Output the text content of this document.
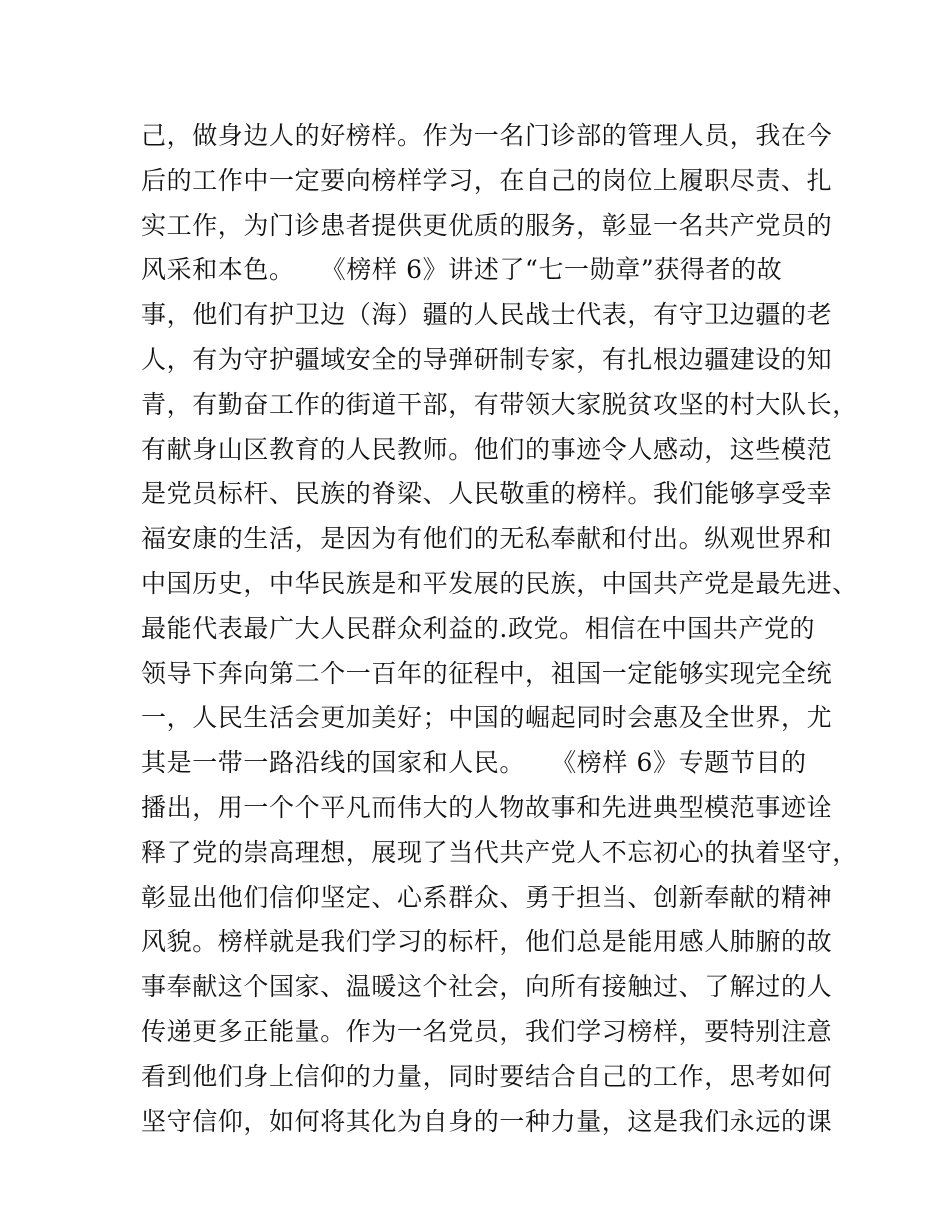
己，做身边人的好榜样。作为一名门诊部的管理人员，我在今
后的工作中一定要向榜样学习，在自己的岗位上履职尽责、扎
实工作，为门诊患者提供更优质的服务，彰显一名共产党员的
风采和本色。　　《榜样 6》讲述了“七一勋章”获得者的故
事，他们有护卫边（海）疆的人民战士代表，有守卫边疆的老
人，有为守护疆域安全的导弹研制专家，有扎根边疆建设的知
青，有勤奋工作的街道干部，有带领大家脱贫攻坚的村大队长，
有献身山区教育的人民教师。他们的事迹令人感动，这些模范
是党员标杆、民族的脊梁、人民敬重的榜样。我们能够享受幸
福安康的生活，是因为有他们的无私奉献和付出。纵观世界和
中国历史，中华民族是和平发展的民族，中国共产党是最先进、
最能代表最广大人民群众利益的.政党。相信在中国共产党的
领导下奔向第二个一百年的征程中，祖国一定能够实现完全统
一，人民生活会更加美好；中国的崛起同时会惠及全世界，尤
其是一带一路沿线的国家和人民。　　《榜样 6》专题节目的
播出，用一个个平凡而伟大的人物故事和先进典型模范事迹诠
释了党的崇高理想，展现了当代共产党人不忘初心的执着坚守，
彰显出他们信仰坚定、心系群众、勇于担当、创新奉献的精神
风貌。榜样就是我们学习的标杆，他们总是能用感人肺腑的故
事奉献这个国家、温暖这个社会，向所有接触过、了解过的人
传递更多正能量。作为一名党员，我们学习榜样，要特别注意
看到他们身上信仰的力量，同时要结合自己的工作，思考如何
坚守信仰，如何将其化为自身的一种力量，这是我们永远的课
